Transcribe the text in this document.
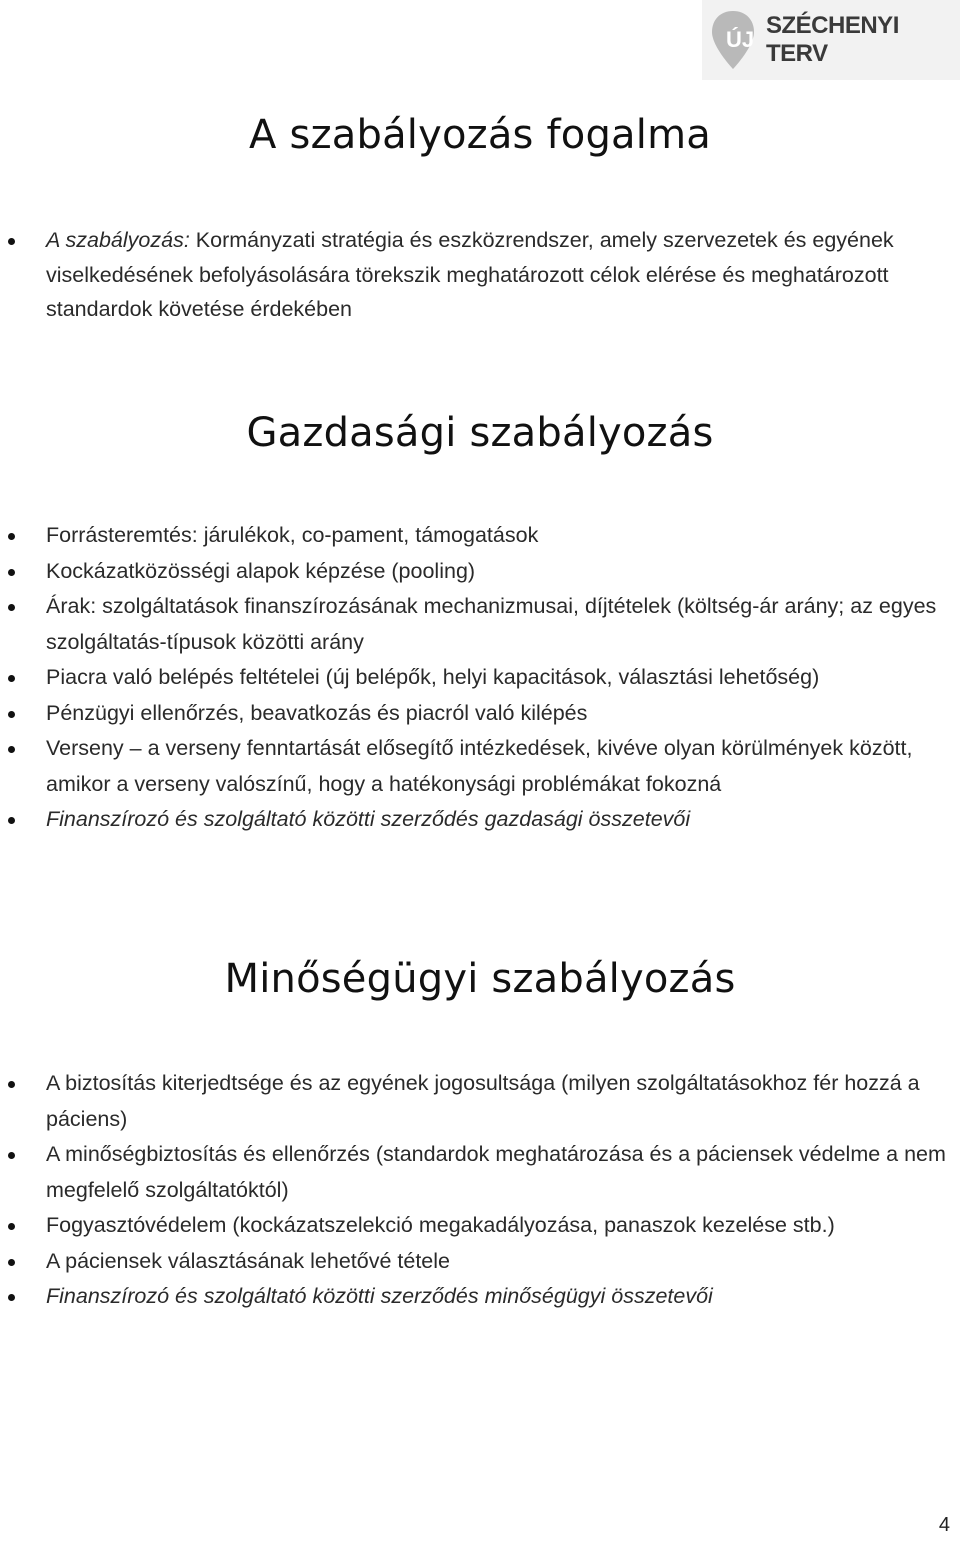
ÚJ
SZÉCHENYI TERV
A szabályozás fogalma
A szabályozás: Kormányzati stratégia és eszközrendszer, amely szervezetek és egyének viselkedésének befolyásolására törekszik meghatározott célok elérése és meghatározott standardok követése érdekében
Gazdasági szabályozás
Forrásteremtés: járulékok, co-pament, támogatások
Kockázatközösségi alapok képzése (pooling)
Árak: szolgáltatások finanszírozásának mechanizmusai, díjtételek (költség-ár arány; az egyes szolgáltatás-típusok közötti arány
Piacra való belépés feltételei (új belépők, helyi kapacitások, választási lehetőség)
Pénzügyi ellenőrzés, beavatkozás és piacról való kilépés
Verseny – a verseny fenntartását elősegítő intézkedések, kivéve olyan körülmények között, amikor a verseny valószínű, hogy a hatékonysági problémákat fokozná
Finanszírozó és szolgáltató közötti szerződés gazdasági összetevői
Minőségügyi szabályozás
A biztosítás kiterjedtsége és az egyének jogosultsága (milyen szolgáltatásokhoz fér hozzá a páciens)
A minőségbiztosítás és ellenőrzés (standardok meghatározása és a páciensek védelme a nem megfelelő szolgáltatóktól)
Fogyasztóvédelem (kockázatszelekció megakadályozása, panaszok kezelése stb.)
A páciensek választásának lehetővé tétele
Finanszírozó és szolgáltató közötti szerződés minőségügyi összetevői
4
